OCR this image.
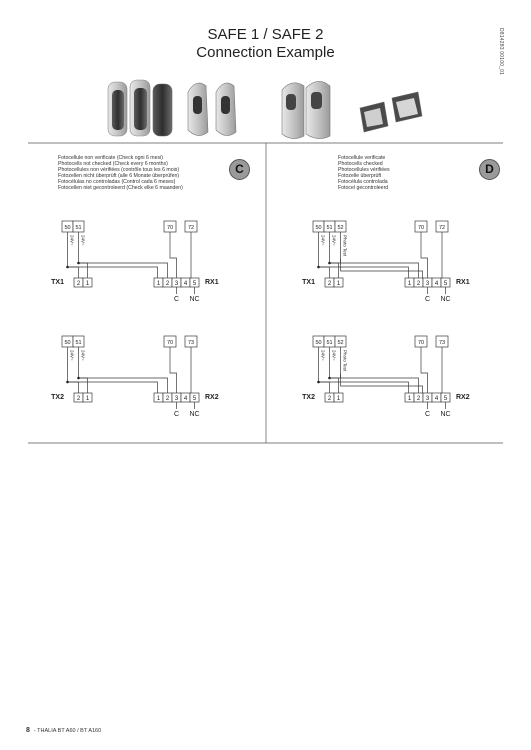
SAFE 1 / SAFE 2
Connection Example	D814283 00100_01
50 51
24V~ 24V~
70	72
TX1 2 1	1 2 3 4 5 RX1
C NC
50 51
24V~ 24V~
70	73
TX2 2 1	1 2 3 4 5 RX2
C NC
50 51 52
24V~ 24V~ Photo Test
70	72
TX1 2 1	1 2 3 4 5 RX1
C NC
50 51 52
24V~ 24V~ Photo Test
70	73
TX2 2 1	1 2 3 4 5 RX2
C NC
Fotocellule non verificate (Check ogni 6 mesi)
Photocells not checked (Check every 6 months)
Photocellules non vérifiées (contrôle tous les 6 mois)
Fotozellen nicht überprüft (alle 6 Monate überprüfen)
Fotocélulas no controladas (Control cada 6 meses)
Fotocellen niet gecontroleerd (Check elke 6 maanden)
C
Fotocellule verificate
Photocells checked
Photocellules vérifiées
Fotozelle überprüft
Fotocélula controlada
Fotocel gecontroleerd
D
8 - THALIA BT A60 / BT A160
